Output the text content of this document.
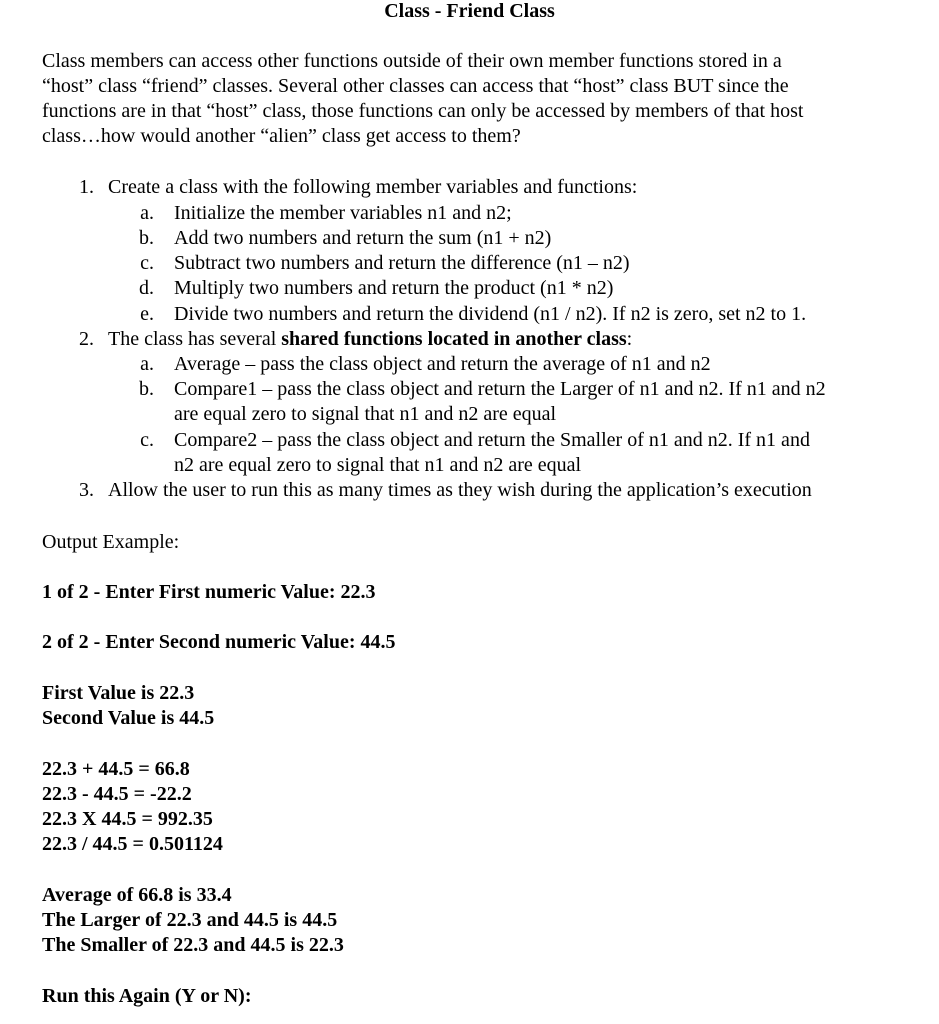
Class - Friend Class
Class members can access other functions outside of their own member functions stored in a
“host” class “friend” classes. Several other classes can access that “host” class BUT since the
functions are in that “host” class, those functions can only be accessed by members of that host
class…how would another “alien” class get access to them?
1. Create a class with the following member variables and functions:
a. Initialize the member variables n1 and n2;
b. Add two numbers and return the sum (n1 + n2)
c. Subtract two numbers and return the difference (n1 – n2)
d. Multiply two numbers and return the product (n1 * n2)
e. Divide two numbers and return the dividend (n1 / n2). If n2 is zero, set n2 to 1.
2. The class has several shared functions located in another class:
a. Average – pass the class object and return the average of n1 and n2
b. Compare1 – pass the class object and return the Larger of n1 and n2. If n1 and n2
are equal zero to signal that n1 and n2 are equal
c. Compare2 – pass the class object and return the Smaller of n1 and n2. If n1 and
n2 are equal zero to signal that n1 and n2 are equal
3. Allow the user to run this as many times as they wish during the application’s execution
Output Example:
1 of 2 - Enter First numeric Value: 22.3
2 of 2 - Enter Second numeric Value: 44.5
First Value is 22.3
Second Value is 44.5
22.3 + 44.5 = 66.8
22.3 - 44.5 = -22.2
22.3 X 44.5 = 992.35
22.3 / 44.5 = 0.501124
Average of 66.8 is 33.4
The Larger of 22.3 and 44.5 is 44.5
The Smaller of 22.3 and 44.5 is 22.3
Run this Again (Y or N):
